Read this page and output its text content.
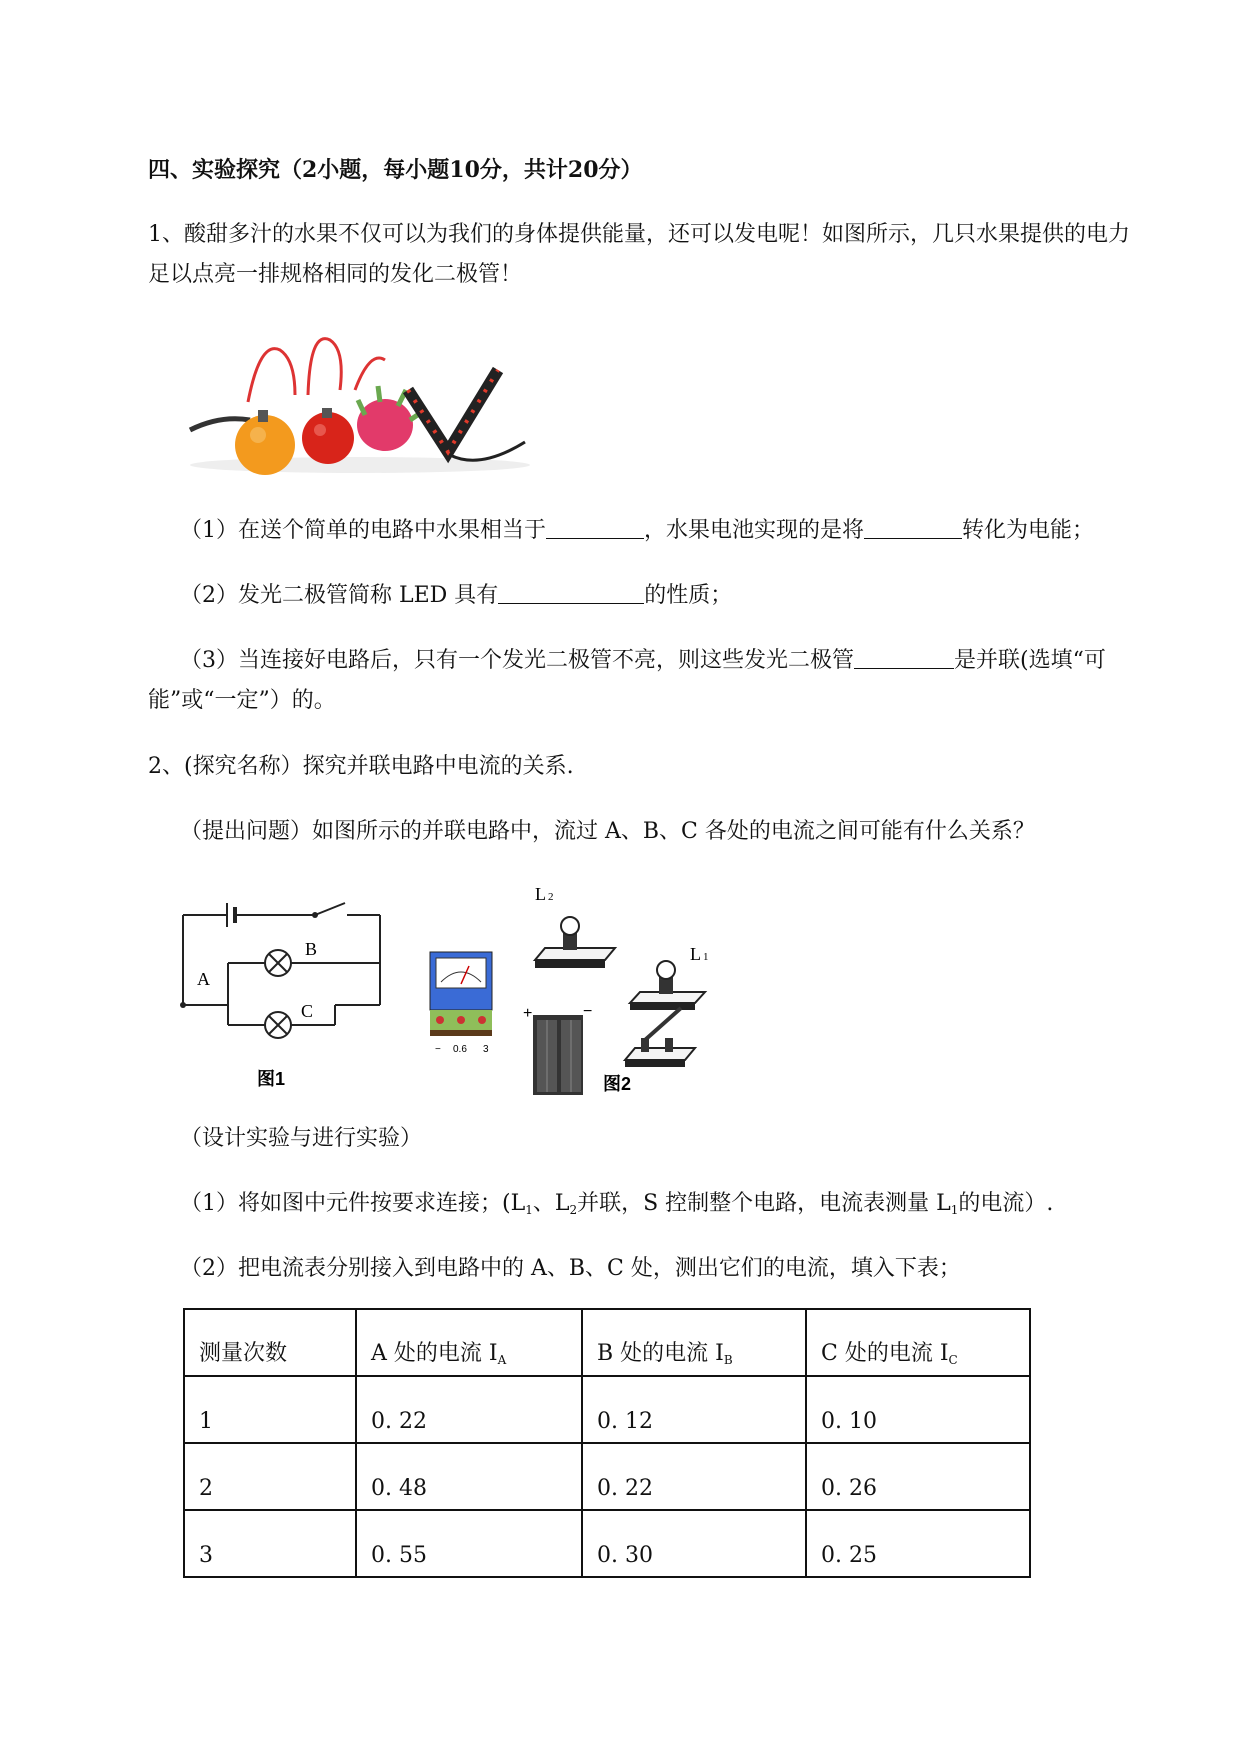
四、实验探究（2小题，每小题10分，共计20分）
1、酸甜多汁的水果不仅可以为我们的身体提供能量，还可以发电呢！如图所示，几只水果提供的电力
足以点亮一排规格相同的发化二极管！
（1）在送个简单的电路中水果相当于	，水果电池实现的是将	转化为电能；
（2）发光二极管简称 LED 具有	的性质；
（3）当连接好电路后，只有一个发光二极管不亮，则这些发光二极管	是并联(选填“可
能”或“一定”）的。
2、(探究名称）探究并联电路中电流的关系.
（提出问题）如图所示的并联电路中，流过 A、B、C 各处的电流之间可能有什么关系？
A
B
C
图1
L 2
L 1
− 0.6 3
+	−
图2
（设计实验与进行实验）
（1）将如图中元件按要求连接；($L_1$、$L_2$并联，S 控制整个电路，电流表测量 $L_1$的电流）.
（2）把电流表分别接入到电路中的 A、B、C 处，测出它们的电流，填入下表；
测量次数	A 处的电流 $I_A$	B 处的电流 $I_B$	C 处的电流 $I_C$
1	0. 22	0. 12	0. 10
2	0. 48	0. 22	0. 26
3	0. 55	0. 30	0. 25
